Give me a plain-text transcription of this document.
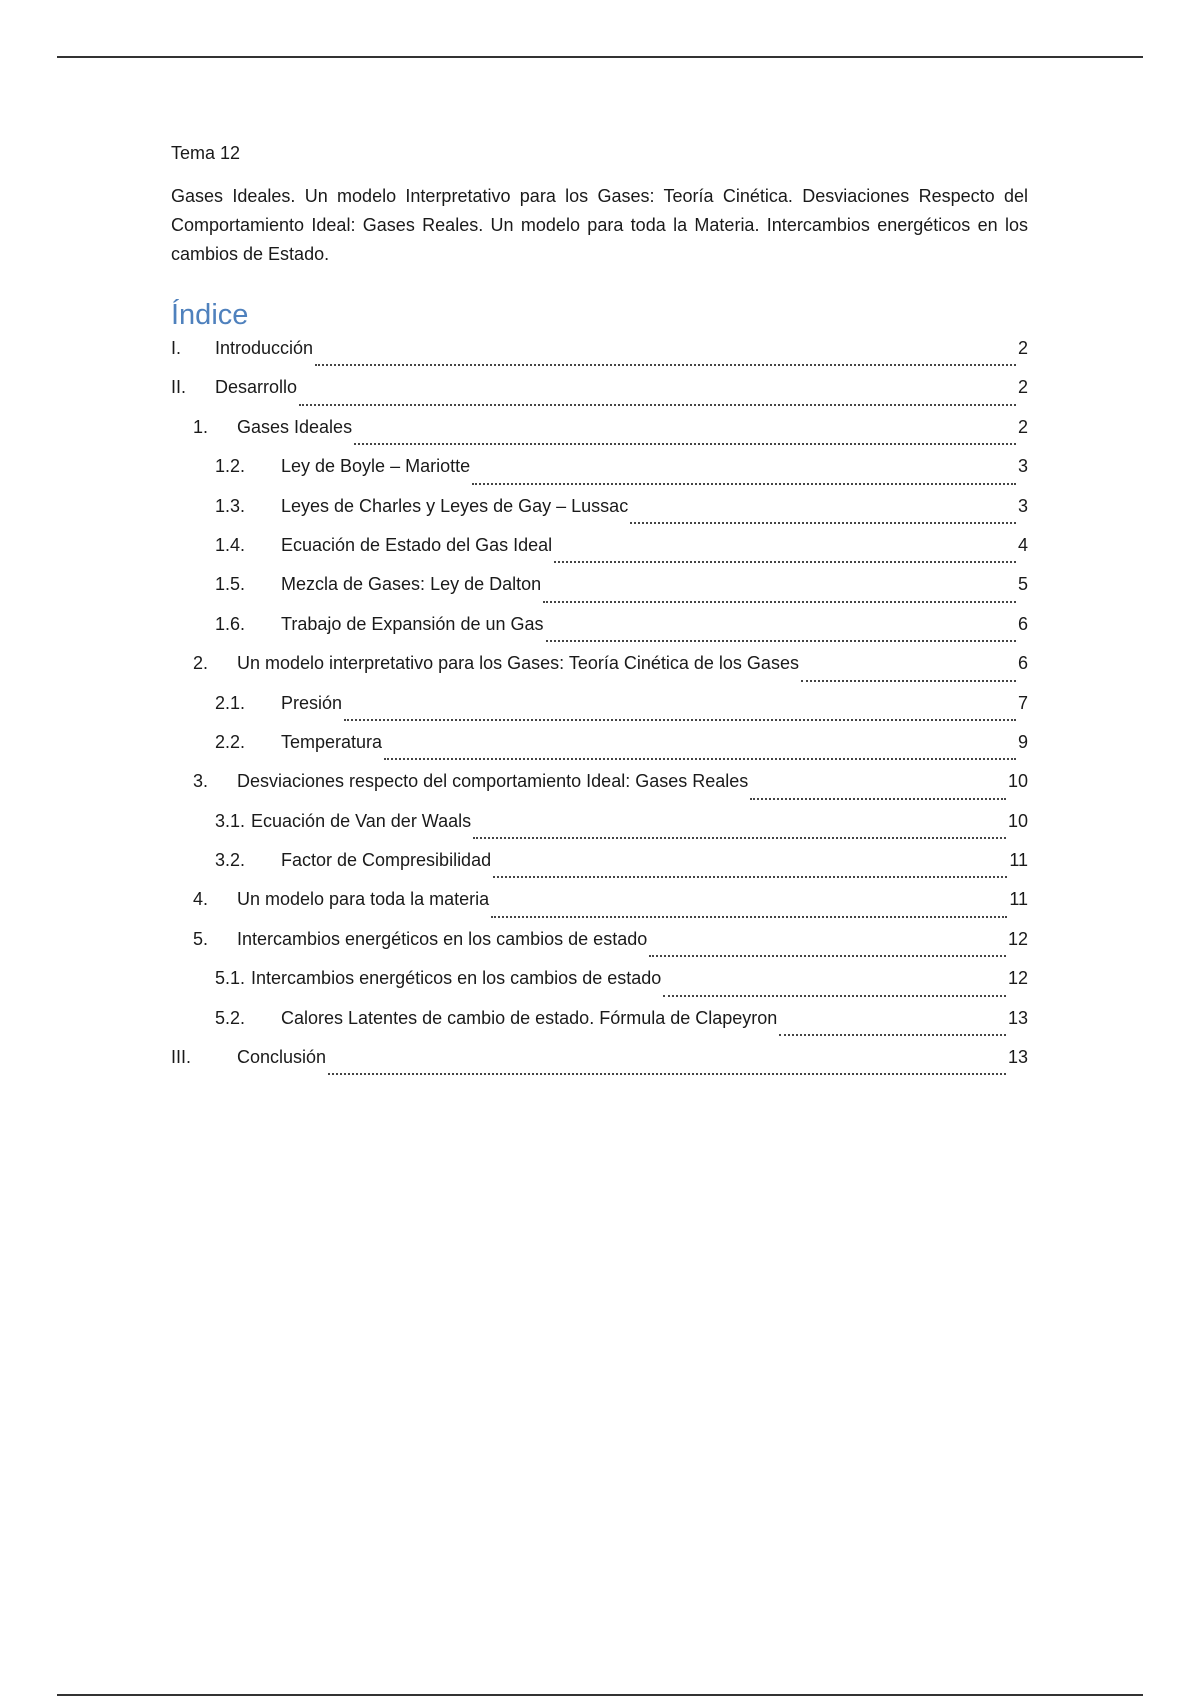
Tema 12

Gases Ideales. Un modelo Interpretativo para los Gases: Teoría Cinética. Desviaciones Respecto del Comportamiento Ideal: Gases Reales. Un modelo para toda la Materia. Intercambios energéticos en los cambios de Estado.

Índice
I.	Introducción	2
II.	Desarrollo	2
1.	Gases Ideales	2
1.2.	Ley de Boyle – Mariotte	3
1.3.	Leyes de Charles y Leyes de Gay – Lussac	3
1.4.	Ecuación de Estado del Gas Ideal	4
1.5.	Mezcla de Gases: Ley de Dalton	5
1.6.	Trabajo de Expansión de un Gas	6
2.	Un modelo interpretativo para los Gases: Teoría Cinética de los Gases	6
2.1.	Presión	7
2.2.	Temperatura	9
3.	Desviaciones respecto del comportamiento Ideal: Gases Reales	10
3.1. Ecuación de Van der Waals	10
3.2.	Factor de Compresibilidad	11
4.	Un modelo para toda la materia	11
5.	Intercambios energéticos en los cambios de estado	12
5.1. Intercambios energéticos en los cambios de estado	12
5.2.	Calores Latentes de cambio de estado. Fórmula de Clapeyron	13
III.	Conclusión	13
